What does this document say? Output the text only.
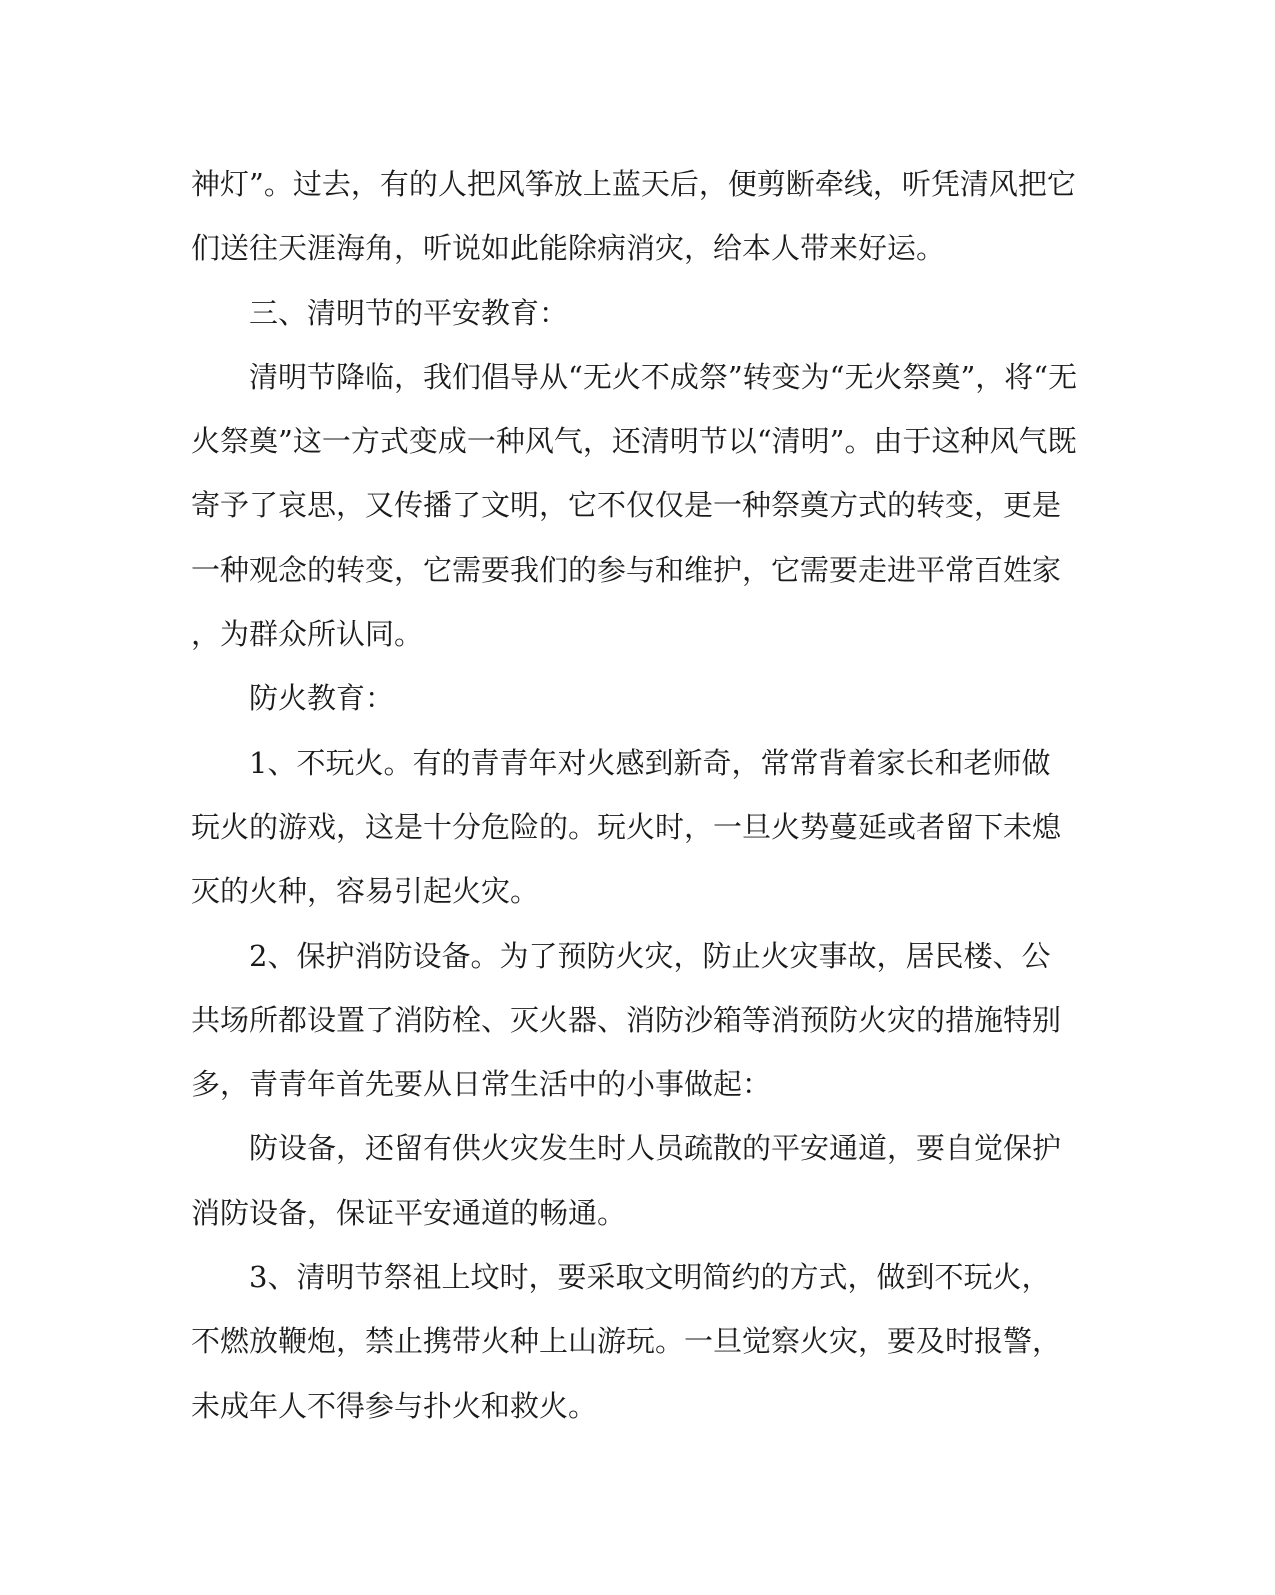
神灯”。过去，有的人把风筝放上蓝天后，便剪断牵线，听凭清风把它
们送往天涯海角，听说如此能除病消灾，给本人带来好运。
三、清明节的平安教育：
清明节降临，我们倡导从“无火不成祭”转变为“无火祭奠”，将“无
火祭奠”这一方式变成一种风气，还清明节以“清明”。由于这种风气既
寄予了哀思，又传播了文明，它不仅仅是一种祭奠方式的转变，更是
一种观念的转变，它需要我们的参与和维护，它需要走进平常百姓家
，为群众所认同。
防火教育：
1、不玩火。有的青青年对火感到新奇，常常背着家长和老师做
玩火的游戏，这是十分危险的。玩火时，一旦火势蔓延或者留下未熄
灭的火种，容易引起火灾。
2、保护消防设备。为了预防火灾，防止火灾事故，居民楼、公
共场所都设置了消防栓、灭火器、消防沙箱等消预防火灾的措施特别
多，青青年首先要从日常生活中的小事做起：
防设备，还留有供火灾发生时人员疏散的平安通道，要自觉保护
消防设备，保证平安通道的畅通。
3、清明节祭祖上坟时，要采取文明简约的方式，做到不玩火，
不燃放鞭炮，禁止携带火种上山游玩。一旦觉察火灾，要及时报警，
未成年人不得参与扑火和救火。
